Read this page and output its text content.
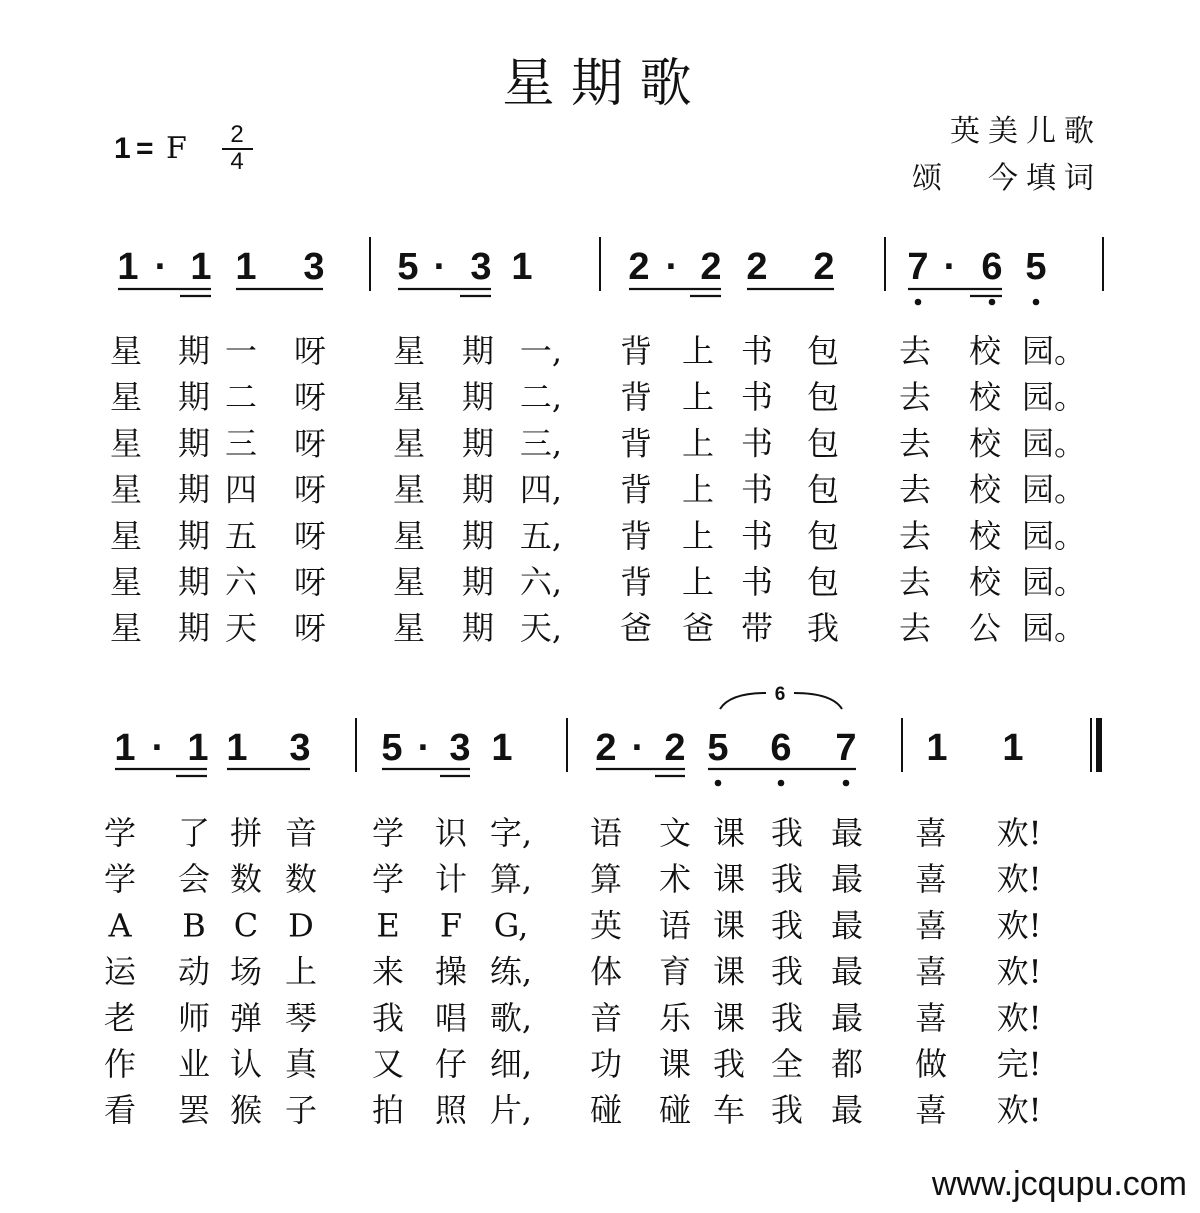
星 期 歌
1 = F 2
4
英美儿歌
颂　今填词
1 · 1 1 3 5 · 3 1	2 · 2 2 2 7 · 6 5
1 · 1 1 3 5 · 3 1 2 · 2 5 6 7 1 1
6
星 期 一 呀 星 期 一, 背 上 书 包 去 校 园。
星 期 二 呀 星 期 二, 背 上 书 包 去 校 园。
星 期 三 呀 星 期 三, 背 上 书 包 去 校 园。
星 期 四 呀 星 期 四, 背 上 书 包 去 校 园。
星 期 五 呀 星 期 五, 背 上 书 包 去 校 园。
星 期 六 呀 星 期 六, 背 上 书 包 去 校 园。
星 期 天 呀 星 期 天, 爸 爸 带 我 去 公 园。
学 了 拼 音 学 识 字, 语 文 课 我 最 喜 欢!
学 会 数 数 学 计 算, 算 术 课 我 最 喜 欢!
A B C D E F G, 英 语 课 我 最 喜 欢!
运 动 场 上 来 操 练, 体 育 课 我 最 喜 欢!
老 师 弹 琴 我 唱 歌, 音 乐 课 我 最 喜 欢!
作 业 认 真 又 仔 细, 功 课 我 全 都 做 完!
看 罢 猴 子 拍 照 片, 碰 碰 车 我 最 喜 欢!
www.jcqupu.com
